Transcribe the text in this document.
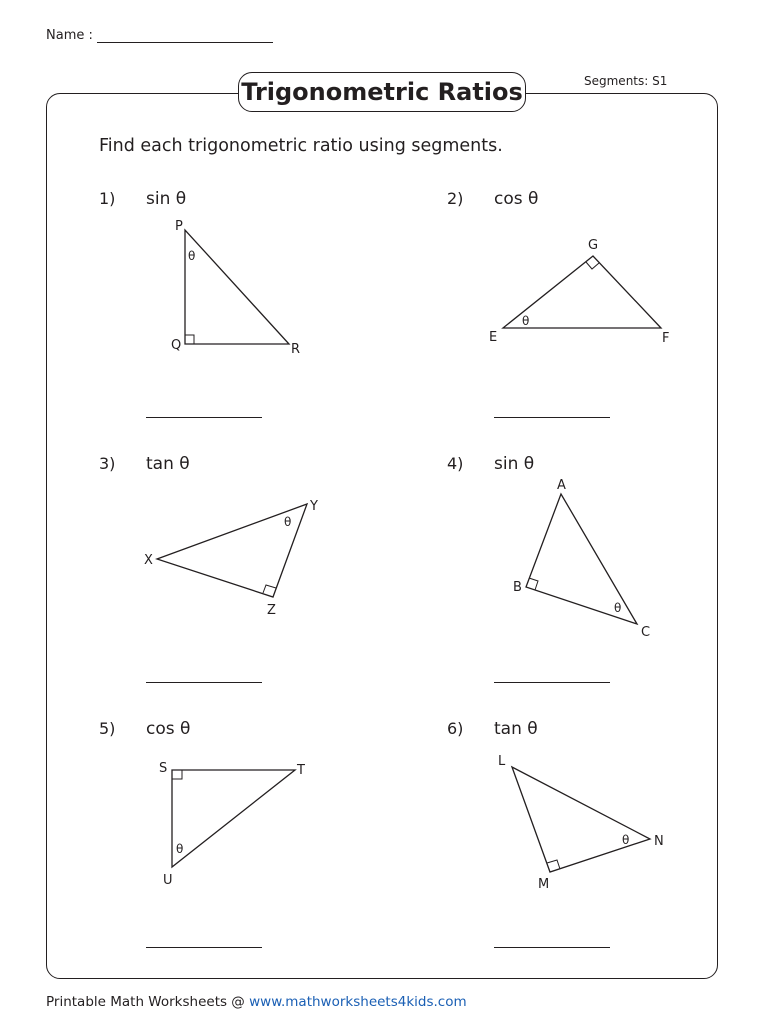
Name :
Segments: S1
Trigonometric Ratios
Find each trigonometric ratio using segments.
P
Q	R
θ
1) sin θ
G
E	F
θ
2) cos θ
Y
X
Z
θ
3) tan θ
A
B
C
θ
4) sin θ
S	T
U
θ
5) cos θ
L
M
N
θ
6) tan θ
Printable Math Worksheets @ www.mathworksheets4kids.com
